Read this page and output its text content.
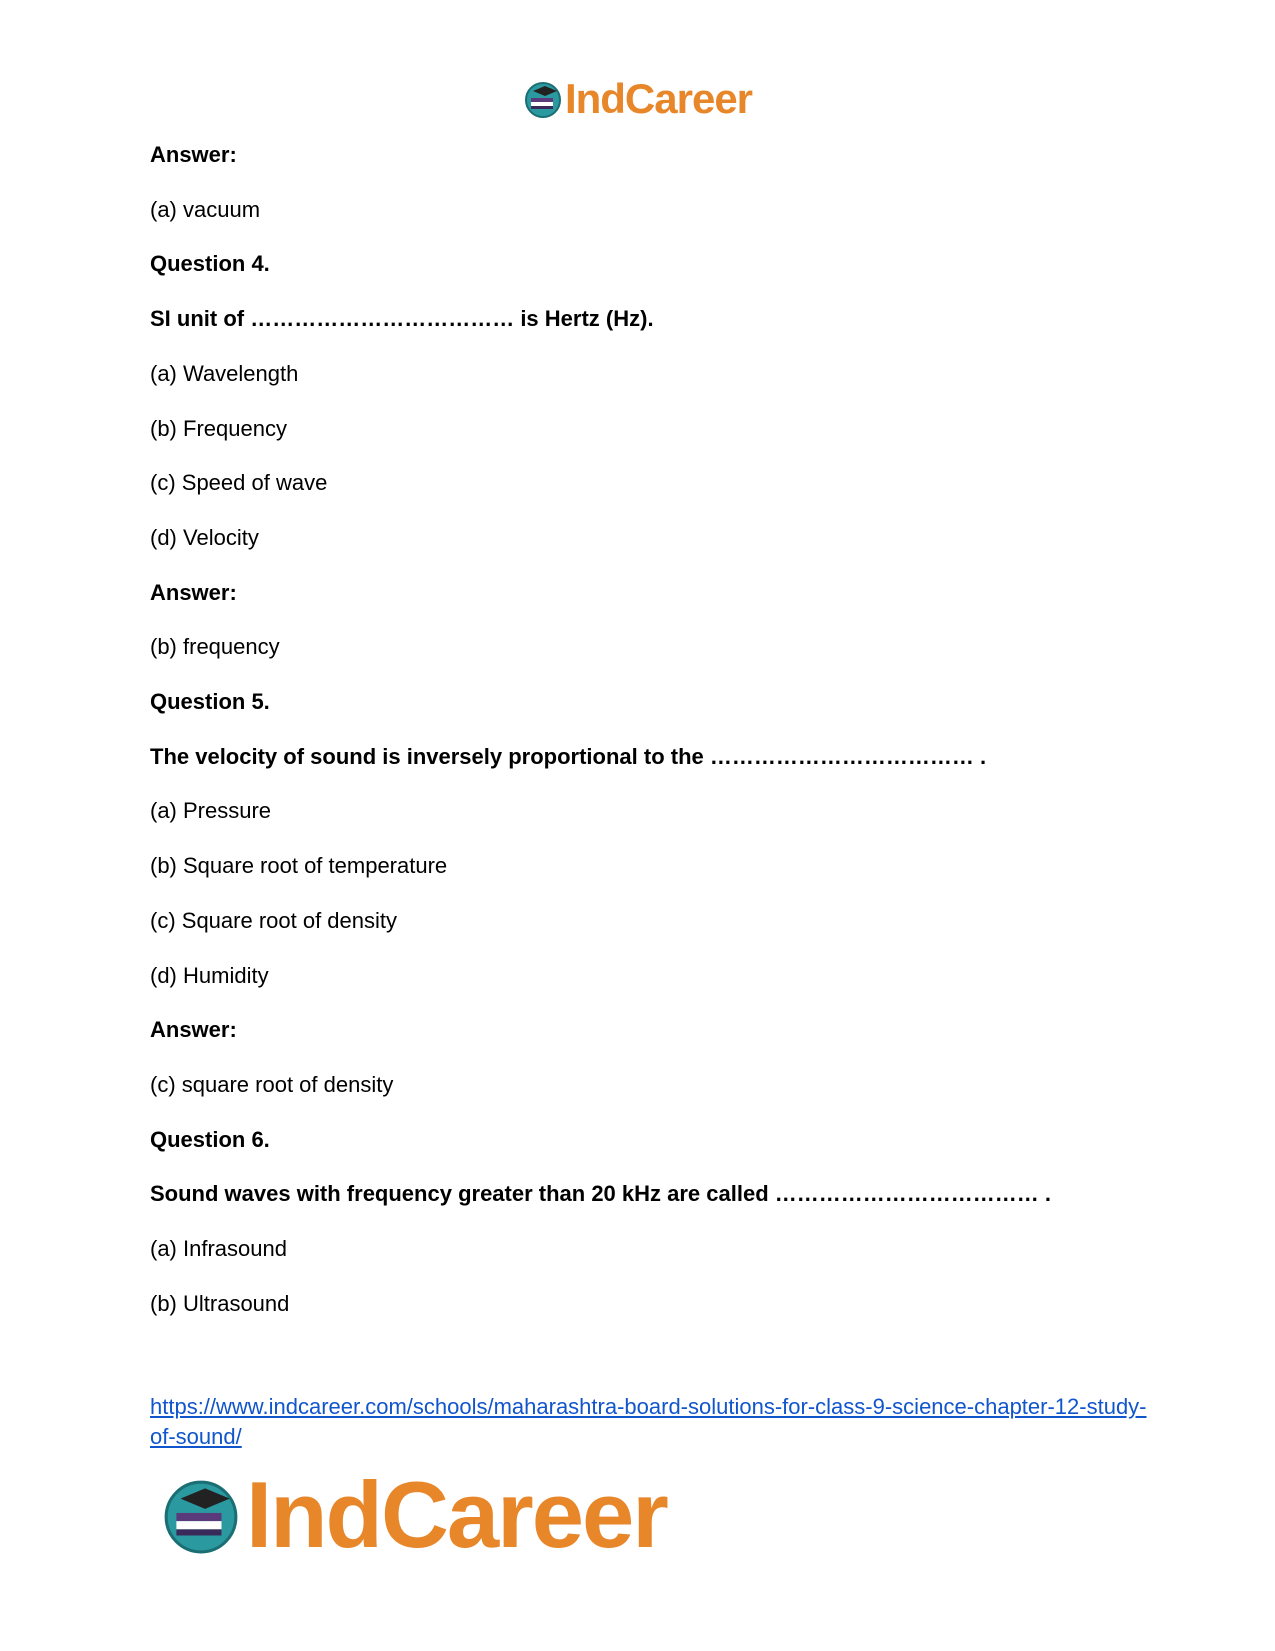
IndCareer

Answer:

(a) vacuum

Question 4.

SI unit of ……………………………… is Hertz (Hz).

(a) Wavelength

(b) Frequency

(c) Speed of wave

(d) Velocity

Answer:

(b) frequency

Question 5.

The velocity of sound is inversely proportional to the ……………………………… .

(a) Pressure

(b) Square root of temperature

(c) Square root of density

(d) Humidity

Answer:

(c) square root of density

Question 6.

Sound waves with frequency greater than 20 kHz are called ……………………………… .

(a) Infrasound

(b) Ultrasound

https://www.indcareer.com/schools/maharashtra-board-solutions-for-class-9-science-chapter-12-study-of-sound/
IndCareer
